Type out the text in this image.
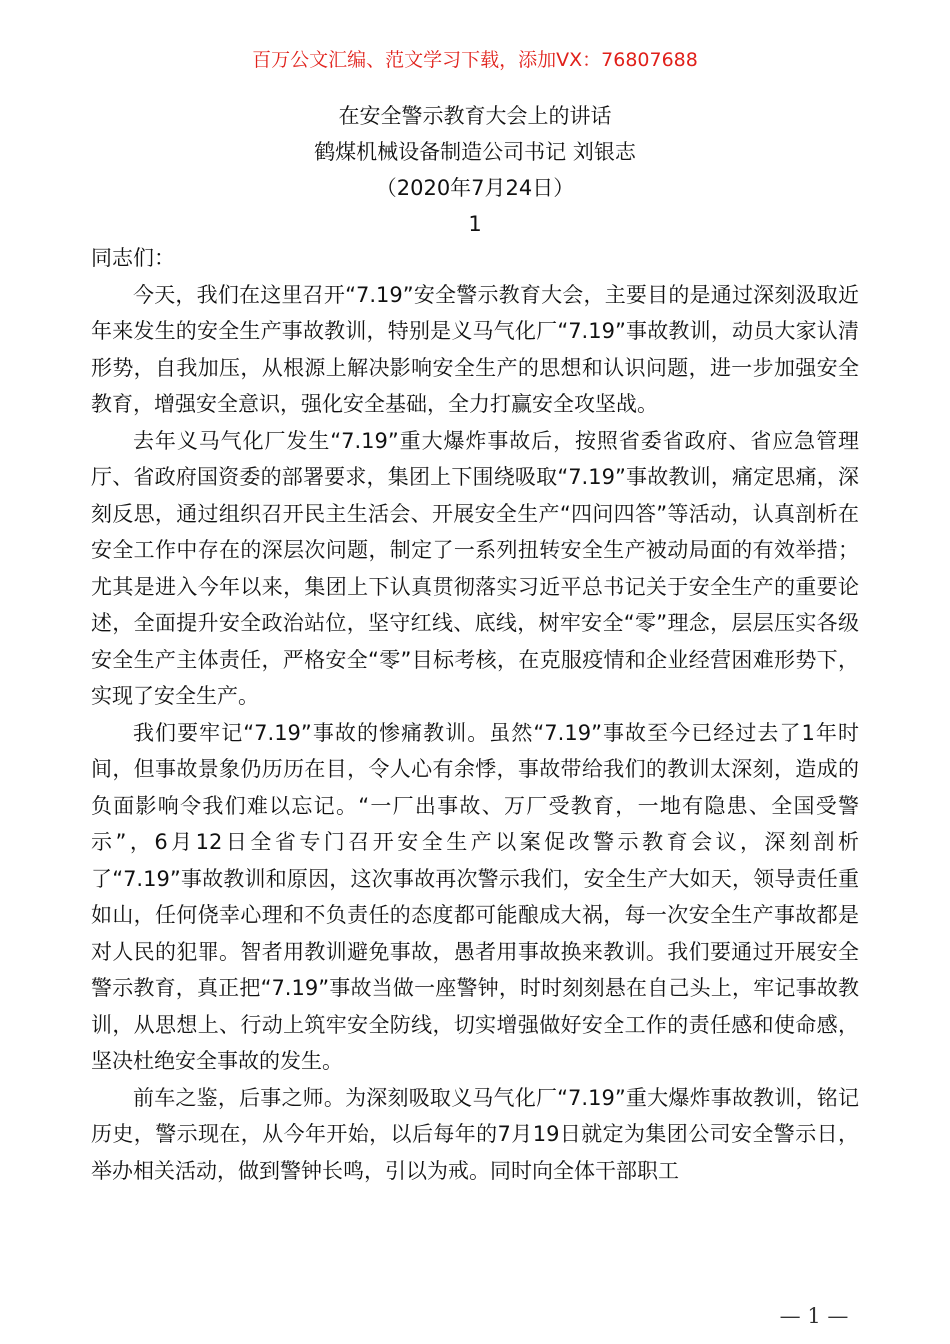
百万公文汇编、范文学习下载，添加VX：76807688
在安全警示教育大会上的讲话
鹤煤机械设备制造公司书记 刘银志
（2020年7月24日）
1

同志们：

今天，我们在这里召开“7.19”安全警示教育大会，主要目的是通过深刻汲取近年来发生的安全生产事故教训，特别是义马气化厂“7.19”事故教训，动员大家认清形势，自我加压，从根源上解决影响安全生产的思想和认识问题，进一步加强安全教育，增强安全意识，强化安全基础，全力打赢安全攻坚战。

去年义马气化厂发生“7.19”重大爆炸事故后，按照省委省政府、省应急管理厅、省政府国资委的部署要求，集团上下围绕吸取“7.19”事故教训，痛定思痛，深刻反思，通过组织召开民主生活会、开展安全生产“四问四答”等活动，认真剖析在安全工作中存在的深层次问题，制定了一系列扭转安全生产被动局面的有效举措；尤其是进入今年以来，集团上下认真贯彻落实习近平总书记关于安全生产的重要论述，全面提升安全政治站位，坚守红线、底线，树牢安全“零”理念，层层压实各级安全生产主体责任，严格安全“零”目标考核，在克服疫情和企业经营困难形势下，实现了安全生产。

我们要牢记“7.19”事故的惨痛教训。虽然“7.19”事故至今已经过去了1年时间，但事故景象仍历历在目，令人心有余悸，事故带给我们的教训太深刻，造成的负面影响令我们难以忘记。“一厂出事故、万厂受教育，一地有隐患、全国受警示”，6月12日全省专门召开安全生产以案促改警示教育会议，深刻剖析了“7.19”事故教训和原因，这次事故再次警示我们，安全生产大如天，领导责任重如山，任何侥幸心理和不负责任的态度都可能酿成大祸，每一次安全生产事故都是对人民的犯罪。智者用教训避免事故，愚者用事故换来教训。我们要通过开展安全警示教育，真正把“7.19”事故当做一座警钟，时时刻刻悬在自己头上，牢记事故教训，从思想上、行动上筑牢安全防线，切实增强做好安全工作的责任感和使命感，坚决杜绝安全事故的发生。

前车之鉴，后事之师。为深刻吸取义马气化厂“7.19”重大爆炸事故教训，铭记历史，警示现在，从今年开始，以后每年的7月19日就定为集团公司安全警示日，举办相关活动，做到警钟长鸣，引以为戒。同时向全体干部职工

— 1 —
